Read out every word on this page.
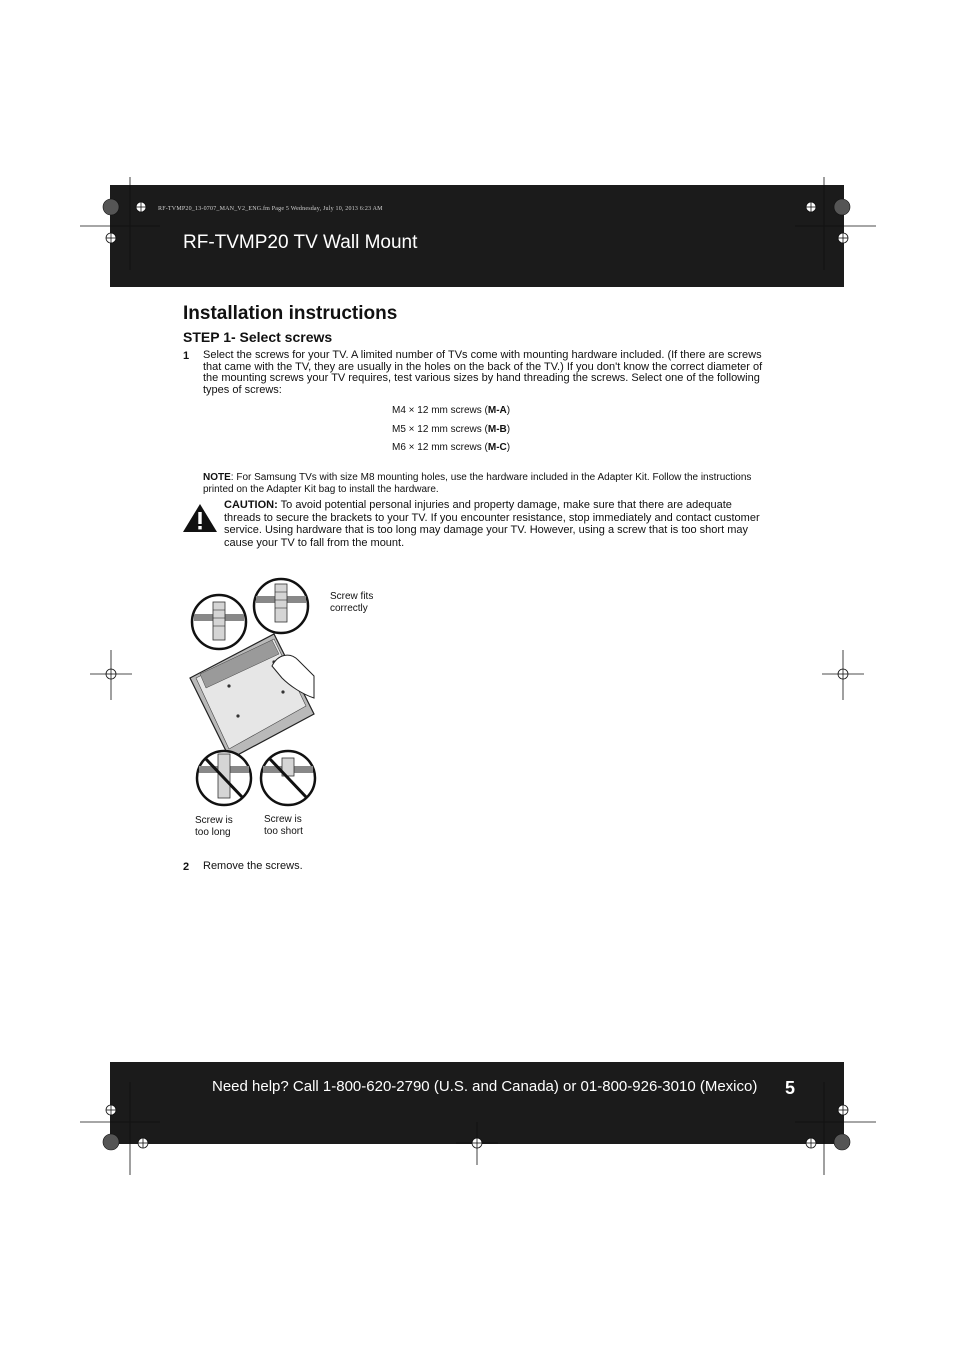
RF-TVMP20_13-0707_MAN_V2_ENG.fm Page 5 Wednesday, July 10, 2013 6:23 AM
RF-TVMP20 TV Wall Mount
Installation instructions
STEP 1- Select screws
1 Select the screws for your TV. A limited number of TVs come with mounting hardware included. (If there are screws that came with the TV, they are usually in the holes on the back of the TV.) If you don't know the correct diameter of the mounting screws your TV requires, test various sizes by hand threading the screws. Select one of the following types of screws:
M4 × 12 mm screws (M-A)
M5 × 12 mm screws (M-B)
M6 × 12 mm screws (M-C)
NOTE: For Samsung TVs with size M8 mounting holes, use the hardware included in the Adapter Kit. Follow the instructions printed on the Adapter Kit bag to install the hardware.
CAUTION: To avoid potential personal injuries and property damage, make sure that there are adequate threads to secure the brackets to your TV. If you encounter resistance, stop immediately and contact customer service. Using hardware that is too long may damage your TV. However, using a screw that is too short may cause your TV to fall from the mount.
Screw fits
correctly
Screw is
too long
Screw is
too short
2 Remove the screws.
Need help? Call 1-800-620-2790 (U.S. and Canada) or 01-800-926-3010 (Mexico) 5
